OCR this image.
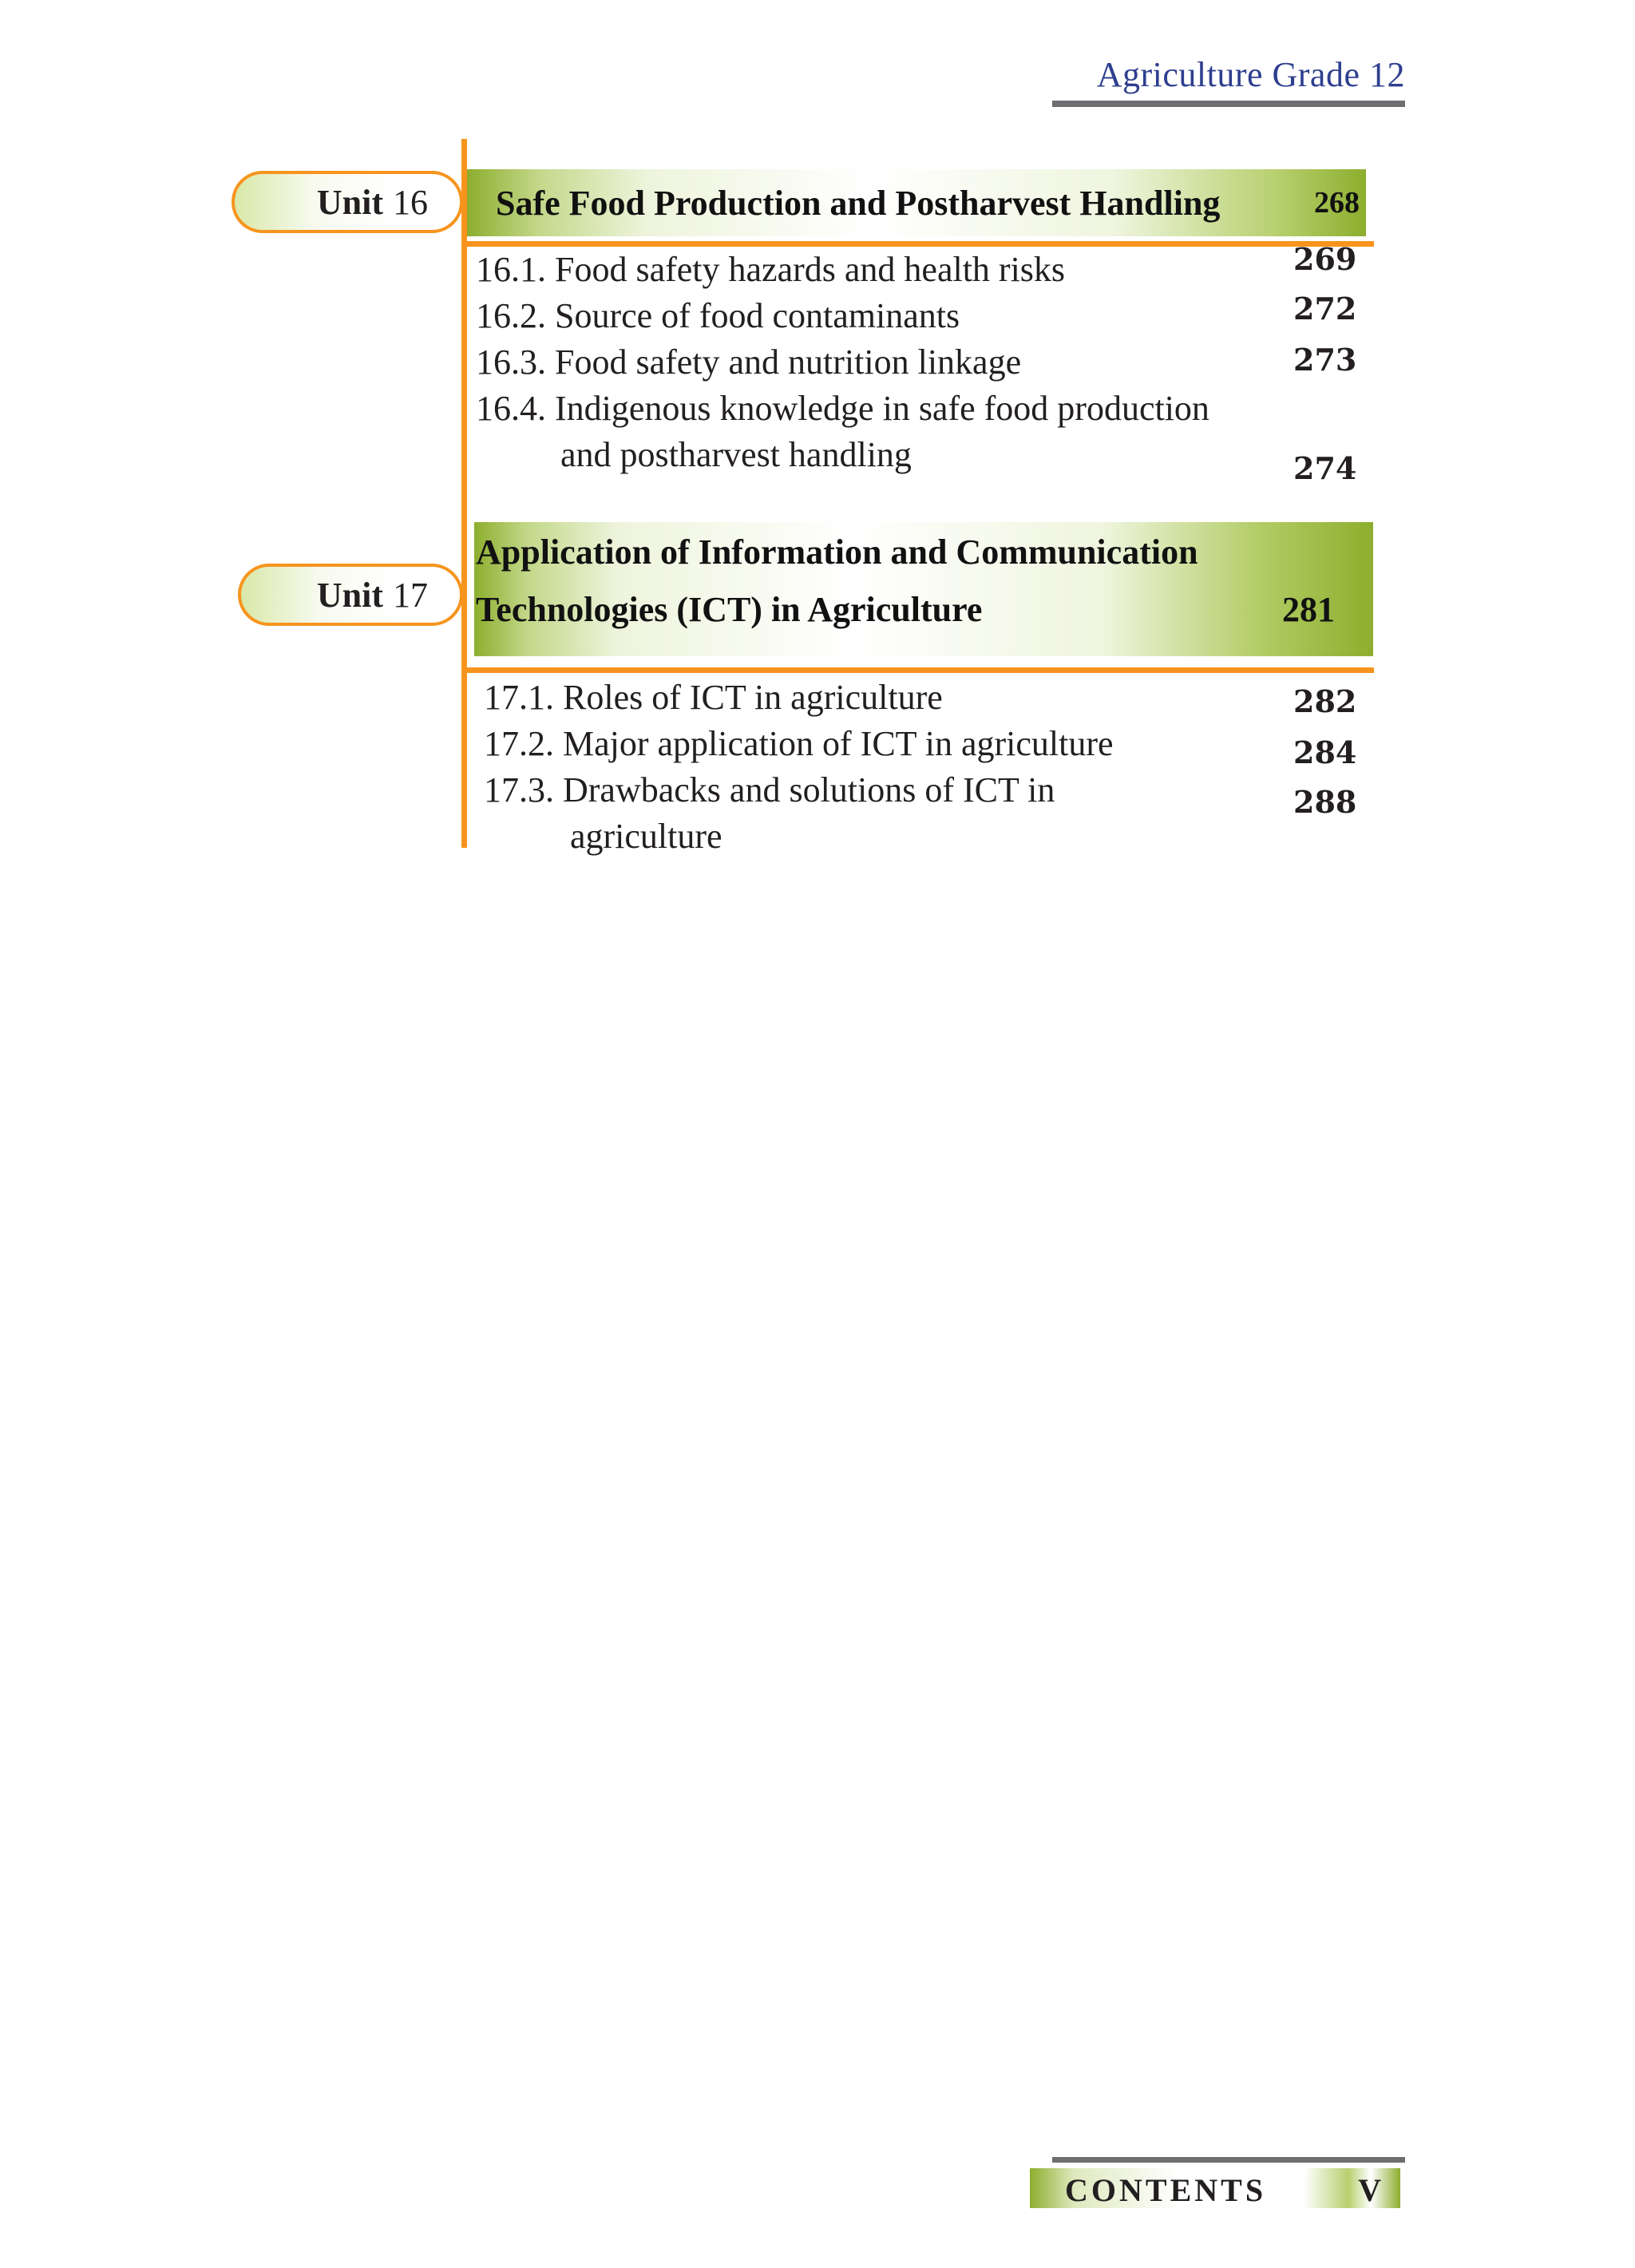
Agriculture Grade 12
Unit 16 Safe Food Production and Postharvest Handling	268
16.1. Food safety hazards and health risks	269
16.2. Source of food contaminants	272
16.3. Food safety and nutrition linkage	273
16.4. Indigenous knowledge in safe food production
and postharvest handling	274
Unit 17
Application of Information and Communication
Technologies (ICT) in Agriculture	281
17.1. Roles of ICT in agriculture	282
17.2. Major application of ICT in agriculture	284
17.3. Drawbacks and solutions of ICT in
agriculture
288
CONTENTS	V
